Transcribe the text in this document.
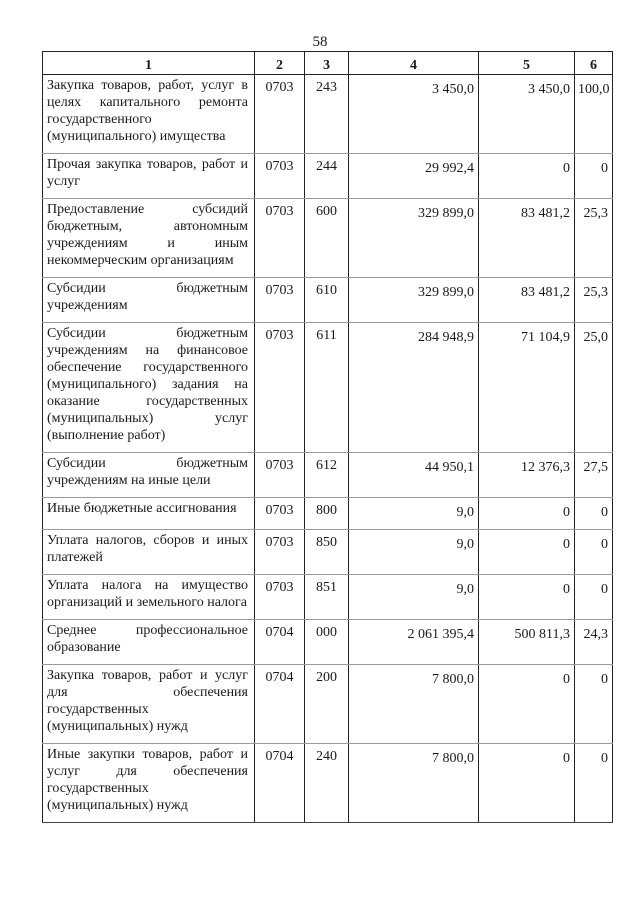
58
1	2	3	4	5	6
Закупка товаров, работ, услуг в целях капитального ремонта государственного (муниципального) имущества	0703	243	3 450,0	3 450,0	100,0
Прочая закупка товаров, работ и услуг	0703	244	29 992,4	0	0
Предоставление субсидий бюджетным, автономным учреждениям и иным некоммерческим организациям	0703	600	329 899,0	83 481,2	25,3
Субсидии бюджетным учреждениям	0703	610	329 899,0	83 481,2	25,3
Субсидии бюджетным учреждениям на финансовое обеспечение государственного (муниципального) задания на оказание государственных (муниципальных) услуг (выполнение работ)	0703	611	284 948,9	71 104,9	25,0
Субсидии бюджетным учреждениям на иные цели	0703	612	44 950,1	12 376,3	27,5
Иные бюджетные ассигнования	0703	800	9,0	0	0
Уплата налогов, сборов и иных платежей	0703	850	9,0	0	0
Уплата налога на имущество организаций и земельного налога	0703	851	9,0	0	0
Среднее профессиональное образование	0704	000	2 061 395,4	500 811,3	24,3
Закупка товаров, работ и услуг для обеспечения государственных (муниципальных) нужд	0704	200	7 800,0	0	0
Иные закупки товаров, работ и услуг для обеспечения государственных (муниципальных) нужд	0704	240	7 800,0	0	0
